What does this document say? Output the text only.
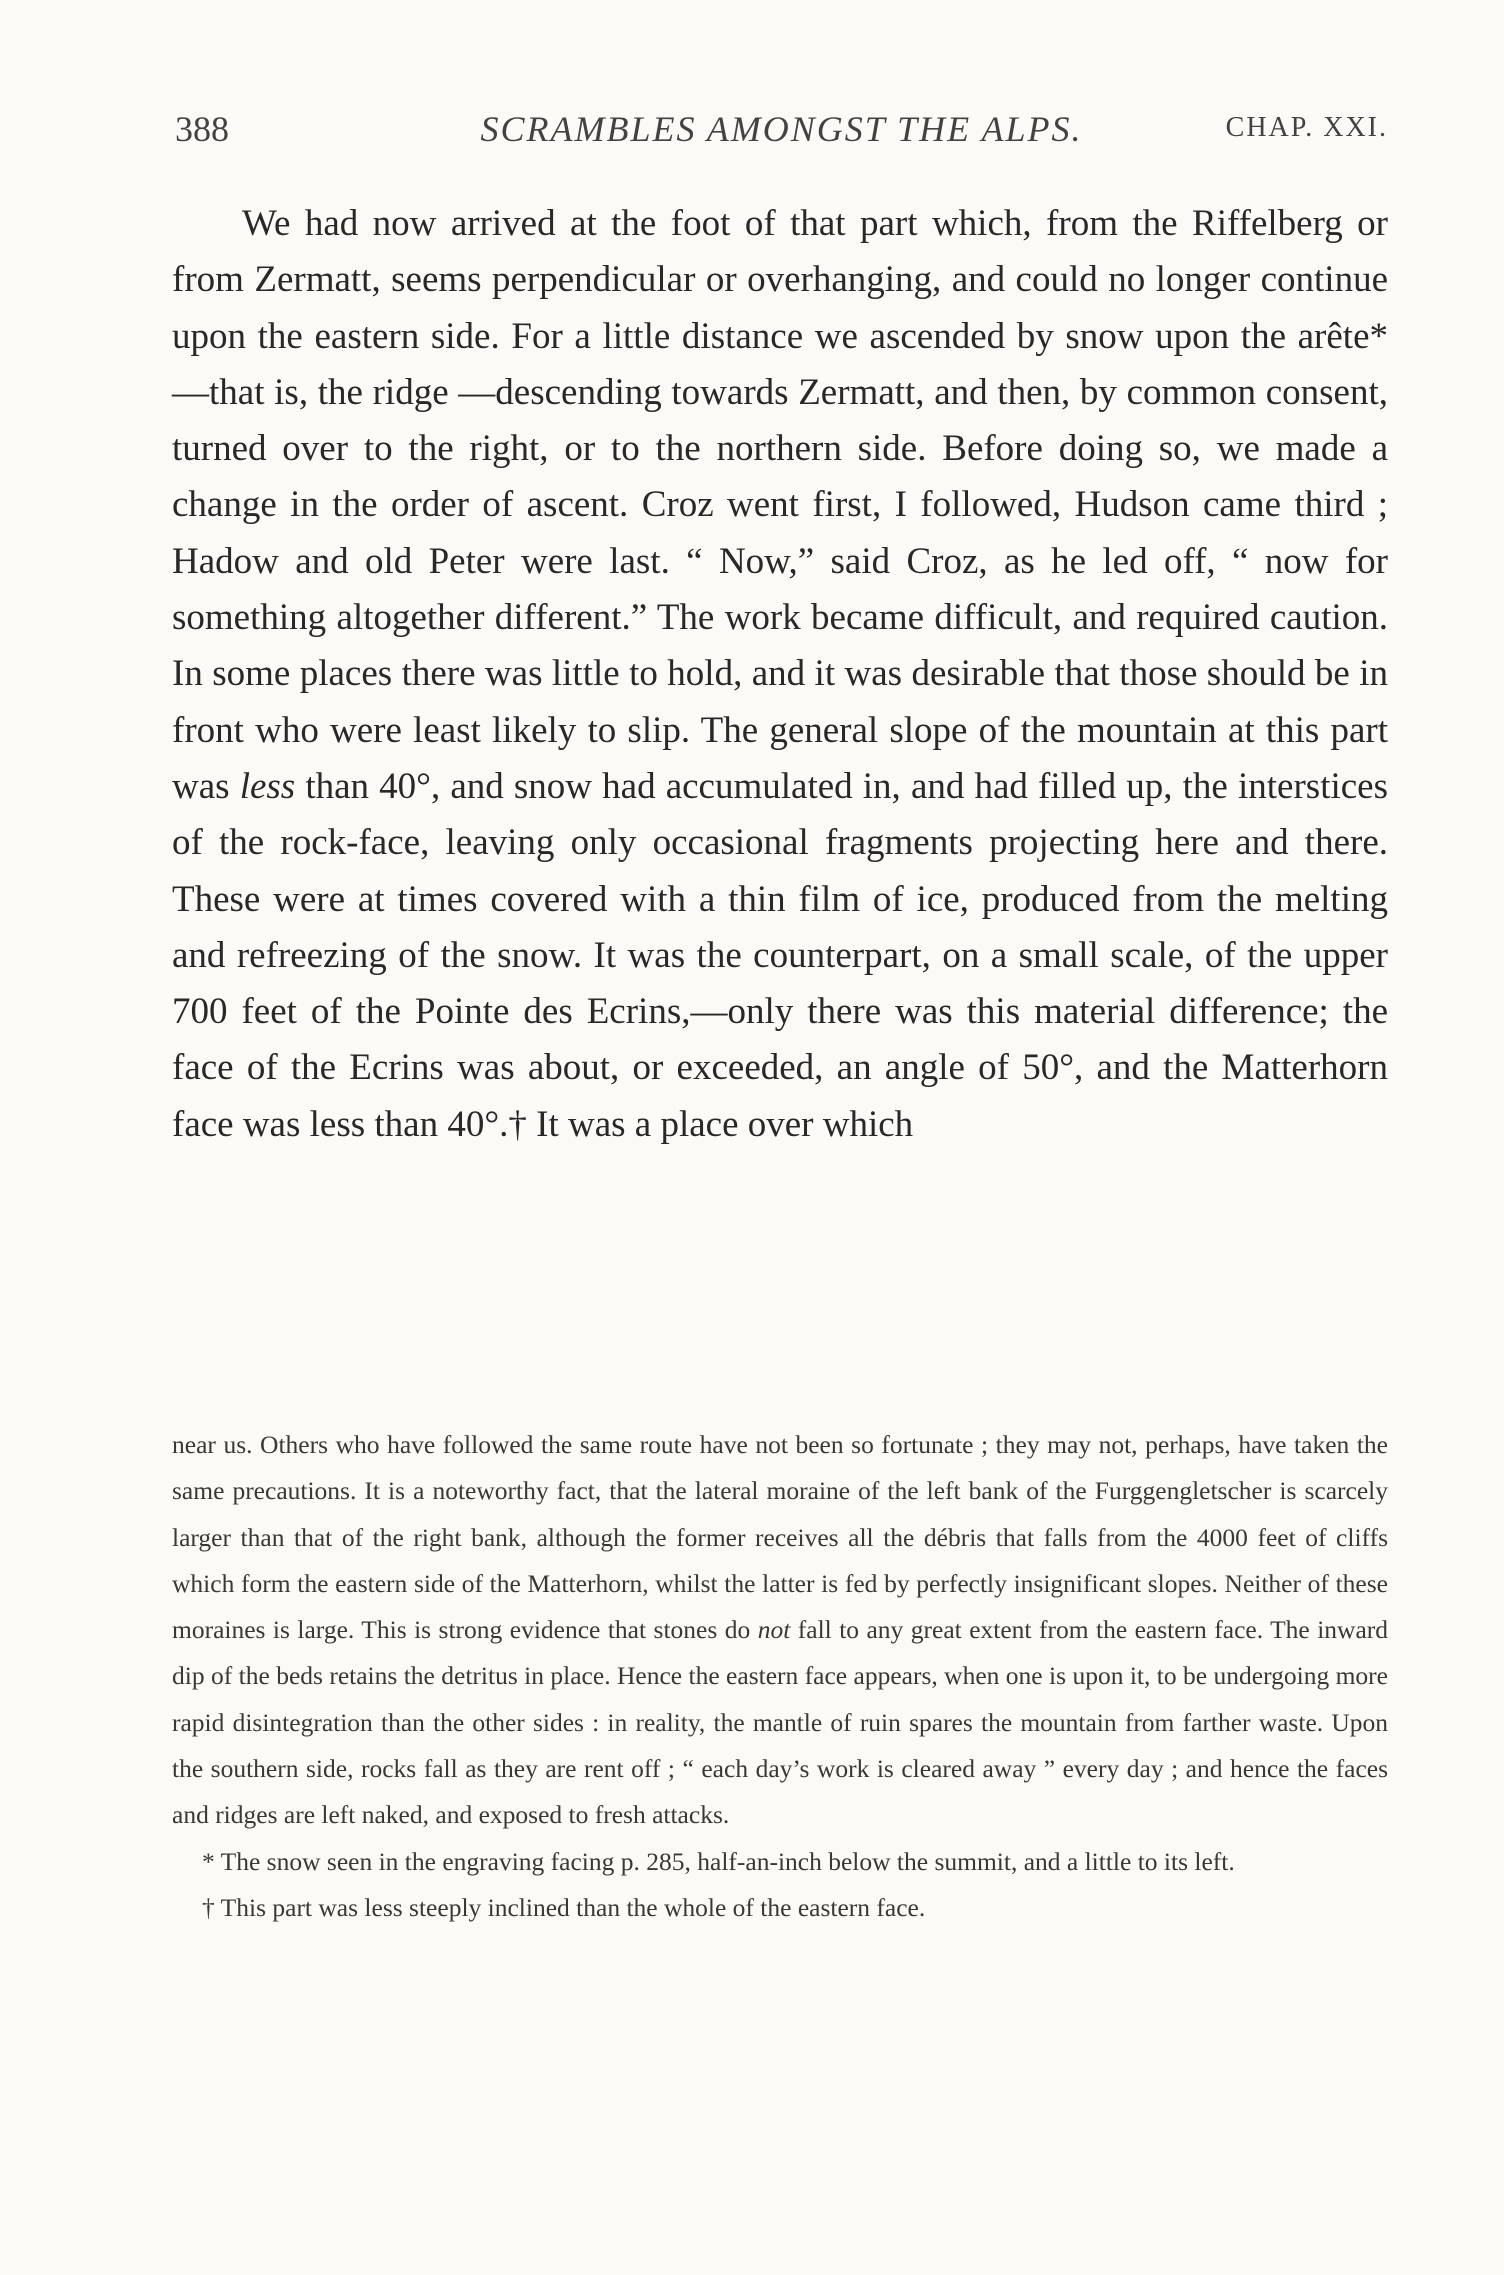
388	SCRAMBLES AMONGST THE ALPS.	CHAP. XXI.

We had now arrived at the foot of that part which, from the Riffelberg or from Zermatt, seems perpendicular or overhanging, and could no longer continue upon the eastern side. For a little distance we ascended by snow upon the arête*—that is, the ridge —descending towards Zermatt, and then, by common consent, turned over to the right, or to the northern side. Before doing so, we made a change in the order of ascent. Croz went first, I followed, Hudson came third ; Hadow and old Peter were last. “ Now,” said Croz, as he led off, “ now for something altogether different.” The work became difficult, and required caution. In some places there was little to hold, and it was desirable that those should be in front who were least likely to slip. The general slope of the mountain at this part was less than 40°, and snow had accumulated in, and had filled up, the interstices of the rock-face, leaving only occasional fragments projecting here and there. These were at times covered with a thin film of ice, produced from the melting and refreezing of the snow. It was the counterpart, on a small scale, of the upper 700 feet of the Pointe des Ecrins,—only there was this material difference; the face of the Ecrins was about, or exceeded, an angle of 50°, and the Matterhorn face was less than 40°.† It was a place over which

near us. Others who have followed the same route have not been so fortunate ; they may not, perhaps, have taken the same precautions. It is a noteworthy fact, that the lateral moraine of the left bank of the Furggengletscher is scarcely larger than that of the right bank, although the former receives all the débris that falls from the 4000 feet of cliffs which form the eastern side of the Matterhorn, whilst the latter is fed by perfectly insignificant slopes. Neither of these moraines is large. This is strong evidence that stones do not fall to any great extent from the eastern face. The inward dip of the beds retains the detritus in place. Hence the eastern face appears, when one is upon it, to be undergoing more rapid disintegration than the other sides : in reality, the mantle of ruin spares the mountain from farther waste. Upon the southern side, rocks fall as they are rent off ; “ each day’s work is cleared away ” every day ; and hence the faces and ridges are left naked, and exposed to fresh attacks.

* The snow seen in the engraving facing p. 285, half-an-inch below the summit, and a little to its left.

† This part was less steeply inclined than the whole of the eastern face.
